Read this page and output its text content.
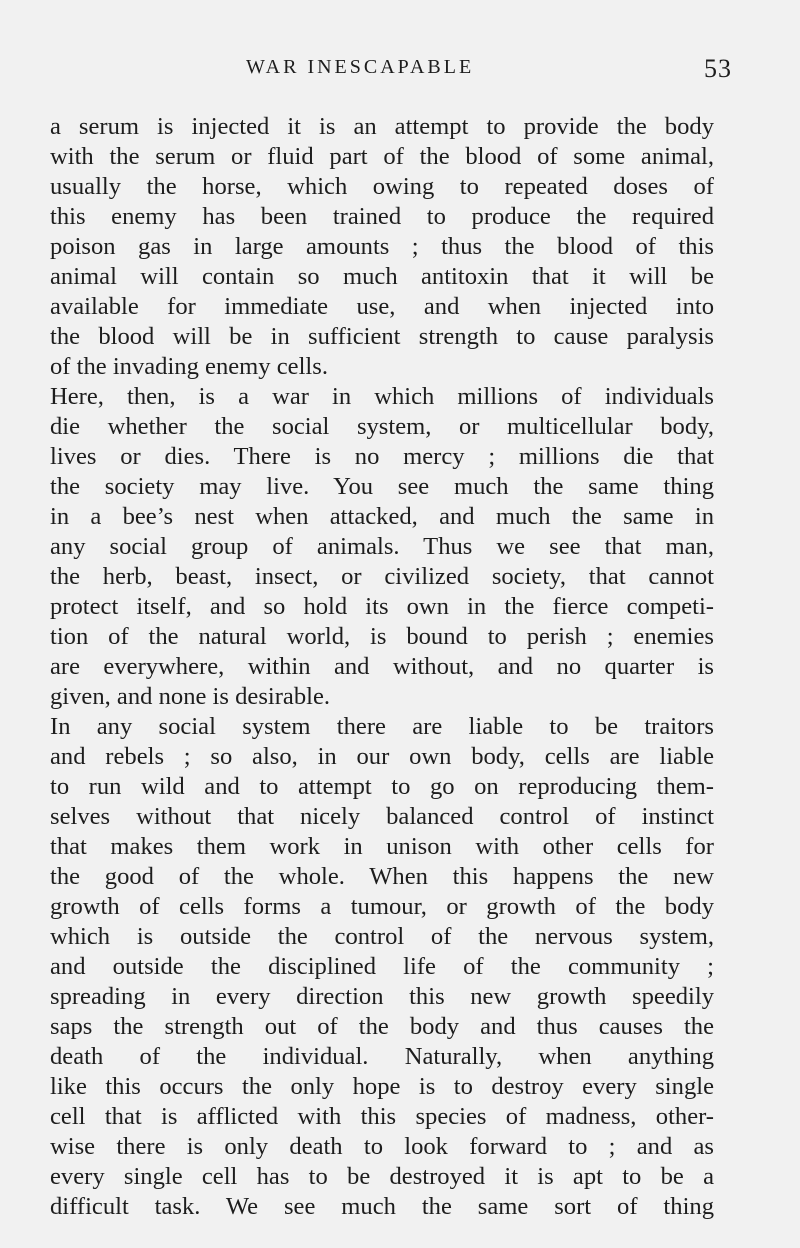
WAR INESCAPABLE	53
a serum is injected it is an attempt to provide the body
with the serum or fluid part of the blood of some animal,
usually the horse, which owing to repeated doses of
this enemy has been trained to produce the required
poison gas in large amounts ; thus the blood of this
animal will contain so much antitoxin that it will be
available for immediate use, and when injected into
the blood will be in sufficient strength to cause paralysis
of the invading enemy cells.
Here, then, is a war in which millions of individuals
die whether the social system, or multicellular body,
lives or dies. There is no mercy ; millions die that
the society may live. You see much the same thing
in a bee’s nest when attacked, and much the same in
any social group of animals. Thus we see that man,
the herb, beast, insect, or civilized society, that cannot
protect itself, and so hold its own in the fierce competi-
tion of the natural world, is bound to perish ; enemies
are everywhere, within and without, and no quarter is
given, and none is desirable.
In any social system there are liable to be traitors
and rebels ; so also, in our own body, cells are liable
to run wild and to attempt to go on reproducing them-
selves without that nicely balanced control of instinct
that makes them work in unison with other cells for
the good of the whole. When this happens the new
growth of cells forms a tumour, or growth of the body
which is outside the control of the nervous system,
and outside the disciplined life of the community ;
spreading in every direction this new growth speedily
saps the strength out of the body and thus causes the
death of the individual. Naturally, when anything
like this occurs the only hope is to destroy every single
cell that is afflicted with this species of madness, other-
wise there is only death to look forward to ; and as
every single cell has to be destroyed it is apt to be a
difficult task. We see much the same sort of thing
